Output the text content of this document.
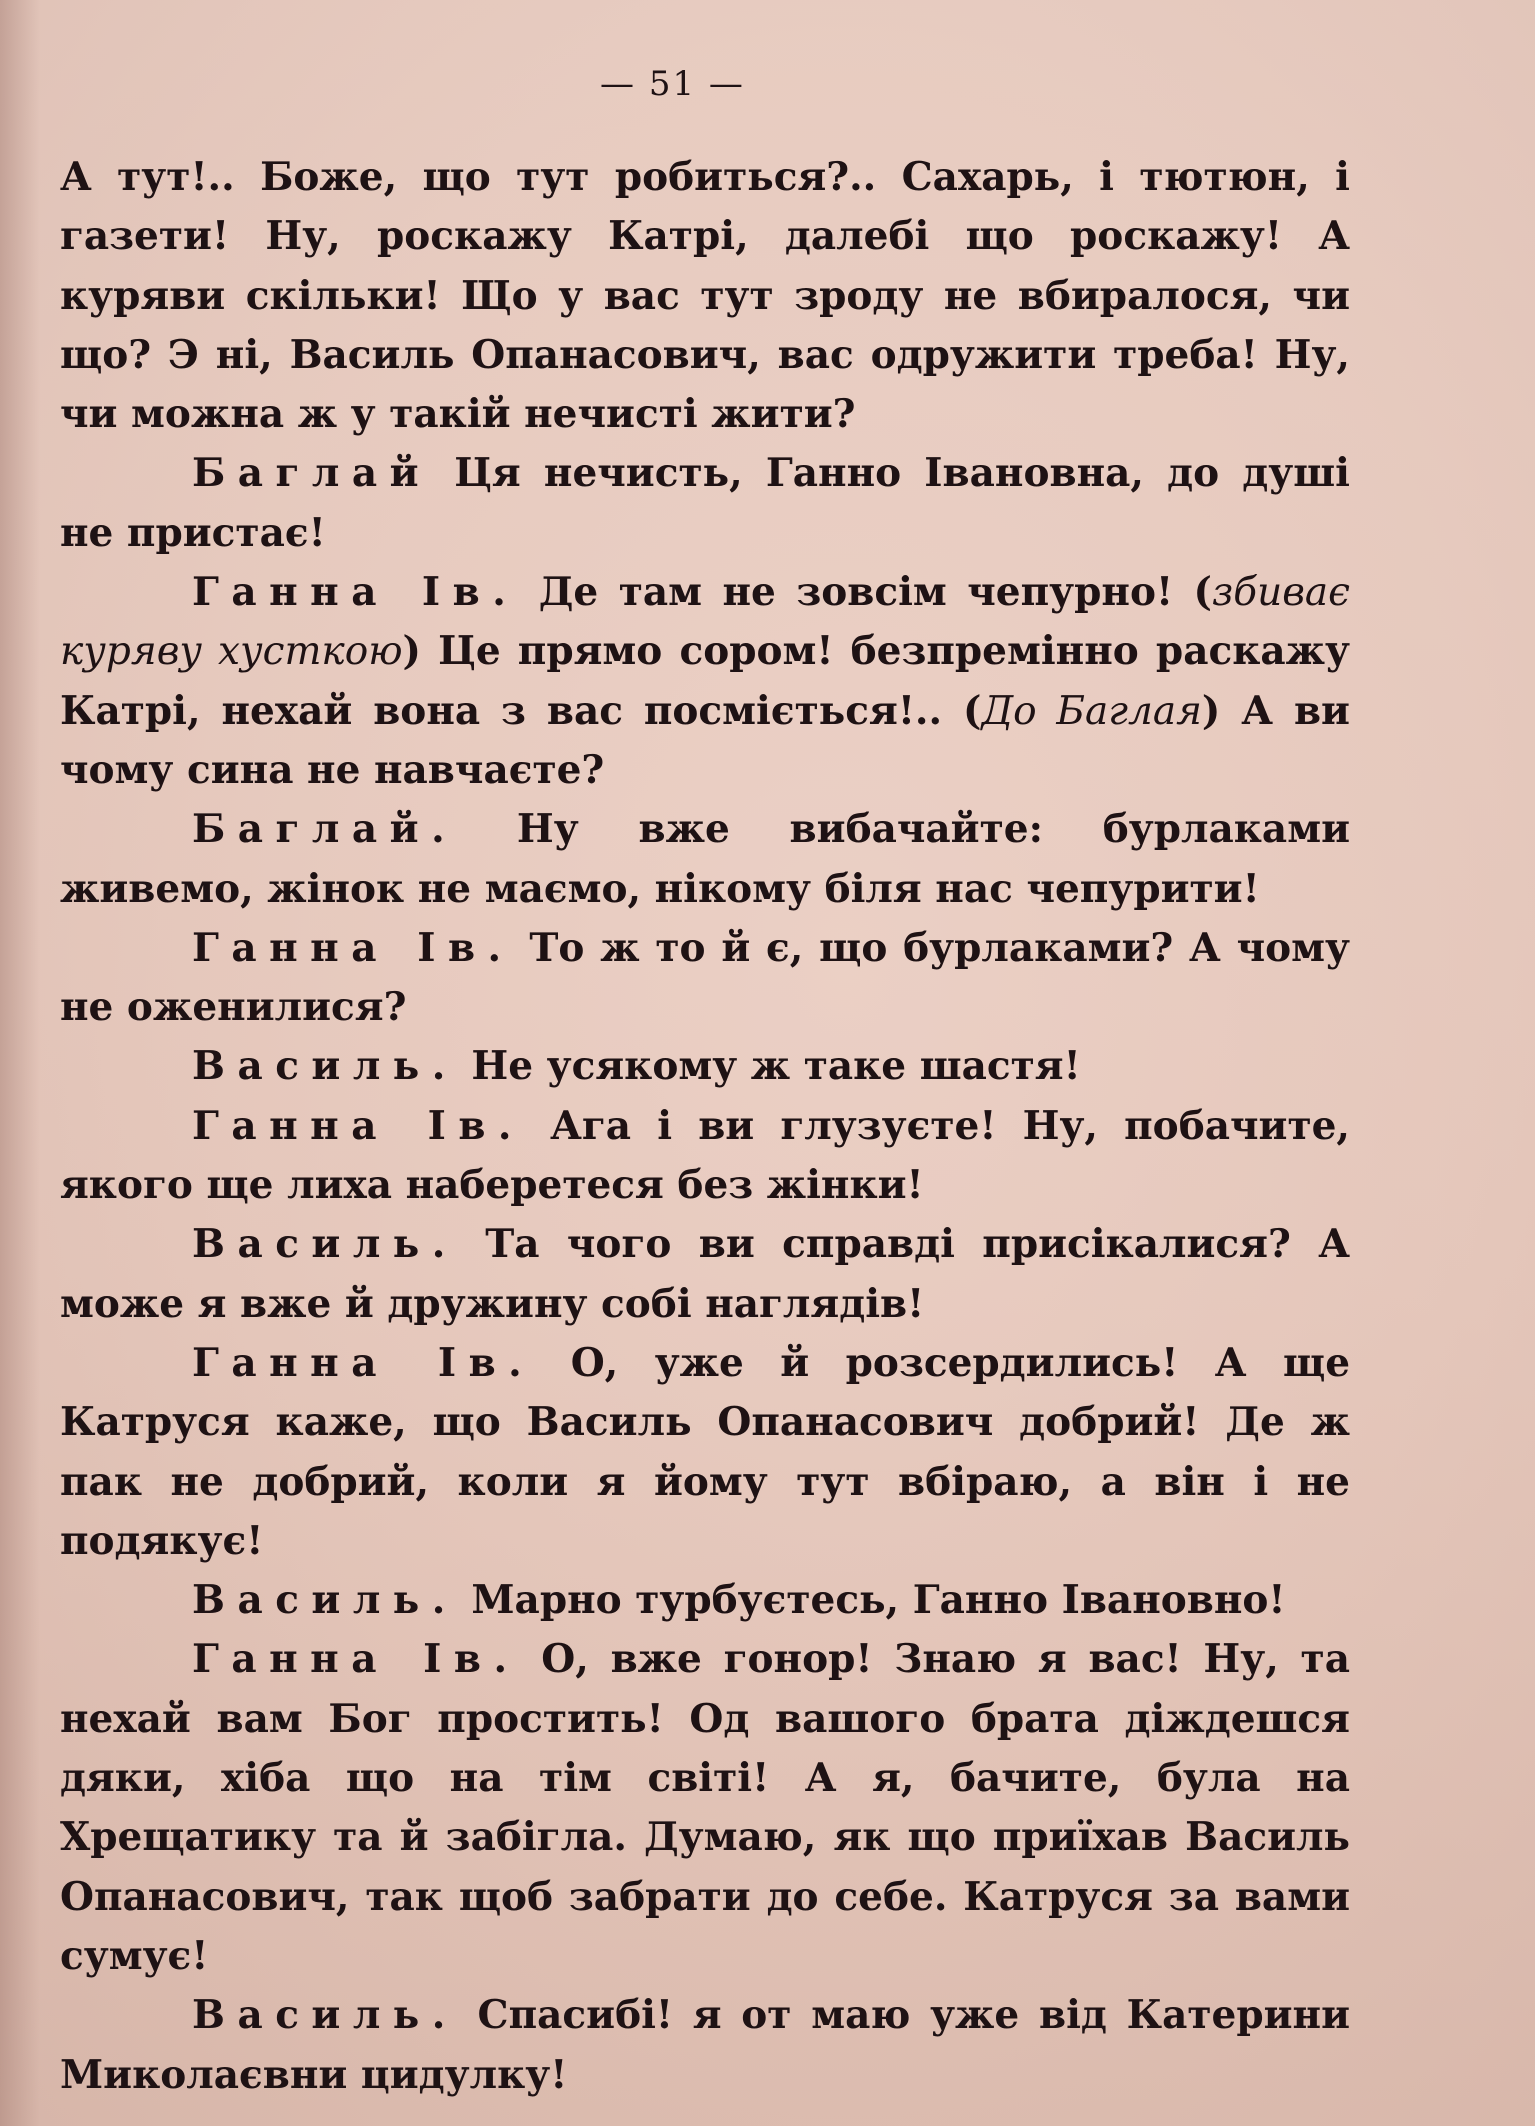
— 51 —

А тут!.. Боже, що тут робиться?.. Сахарь, і тютюн, і газети! Ну, роскажу Катрі, далебі що роскажу! А куряви скільки! Що у вас тут зроду не вбиралося, чи що? Э ні, Василь Опанасович, вас одружити треба! Ну, чи можна ж у такій нечисті жити?

Баглай Ця нечисть, Ганно Івановна, до душі не пристає!

Ганна Ів. Де там не зовсім чепурно! (збиває куряву хусткою) Це прямо сором! безпремінно раскажу Катрі, нехай вона з вас посміється!.. (До Баглая) А ви чому сина не навчаєте?

Баглай. Ну вже вибачайте: бурлаками живемо, жінок не маємо, нікому біля нас чепурити!

Ганна Ів. То ж то й є, що бурлаками? А чому не оженилися?

Василь. Не усякому ж таке шастя!

Ганна Ів. Ага і ви глузуєте! Ну, побачите, якого ще лиха наберетеся без жінки!

Василь. Та чого ви справді присікалися? А може я вже й дружину собі наглядів!

Ганна Ів. О, уже й розсердились! А ще Катруся каже, що Василь Опанасович добрий! Де ж пак не добрий, коли я йому тут вбіраю, а він і не подякує!

Василь. Марно турбуєтесь, Ганно Івановно!

Ганна Ів. О, вже гонор! Знаю я вас! Ну, та нехай вам Бог простить! Од вашого брата діждешся дяки, хіба що на тім світі! А я, бачите, була на Хрещатику та й забігла. Думаю, як що приїхав Василь Опанасович, так щоб забрати до себе. Катруся за вами сумує!

Василь. Спасибі! я от маю уже від Катерини Миколаєвни цидулку!
